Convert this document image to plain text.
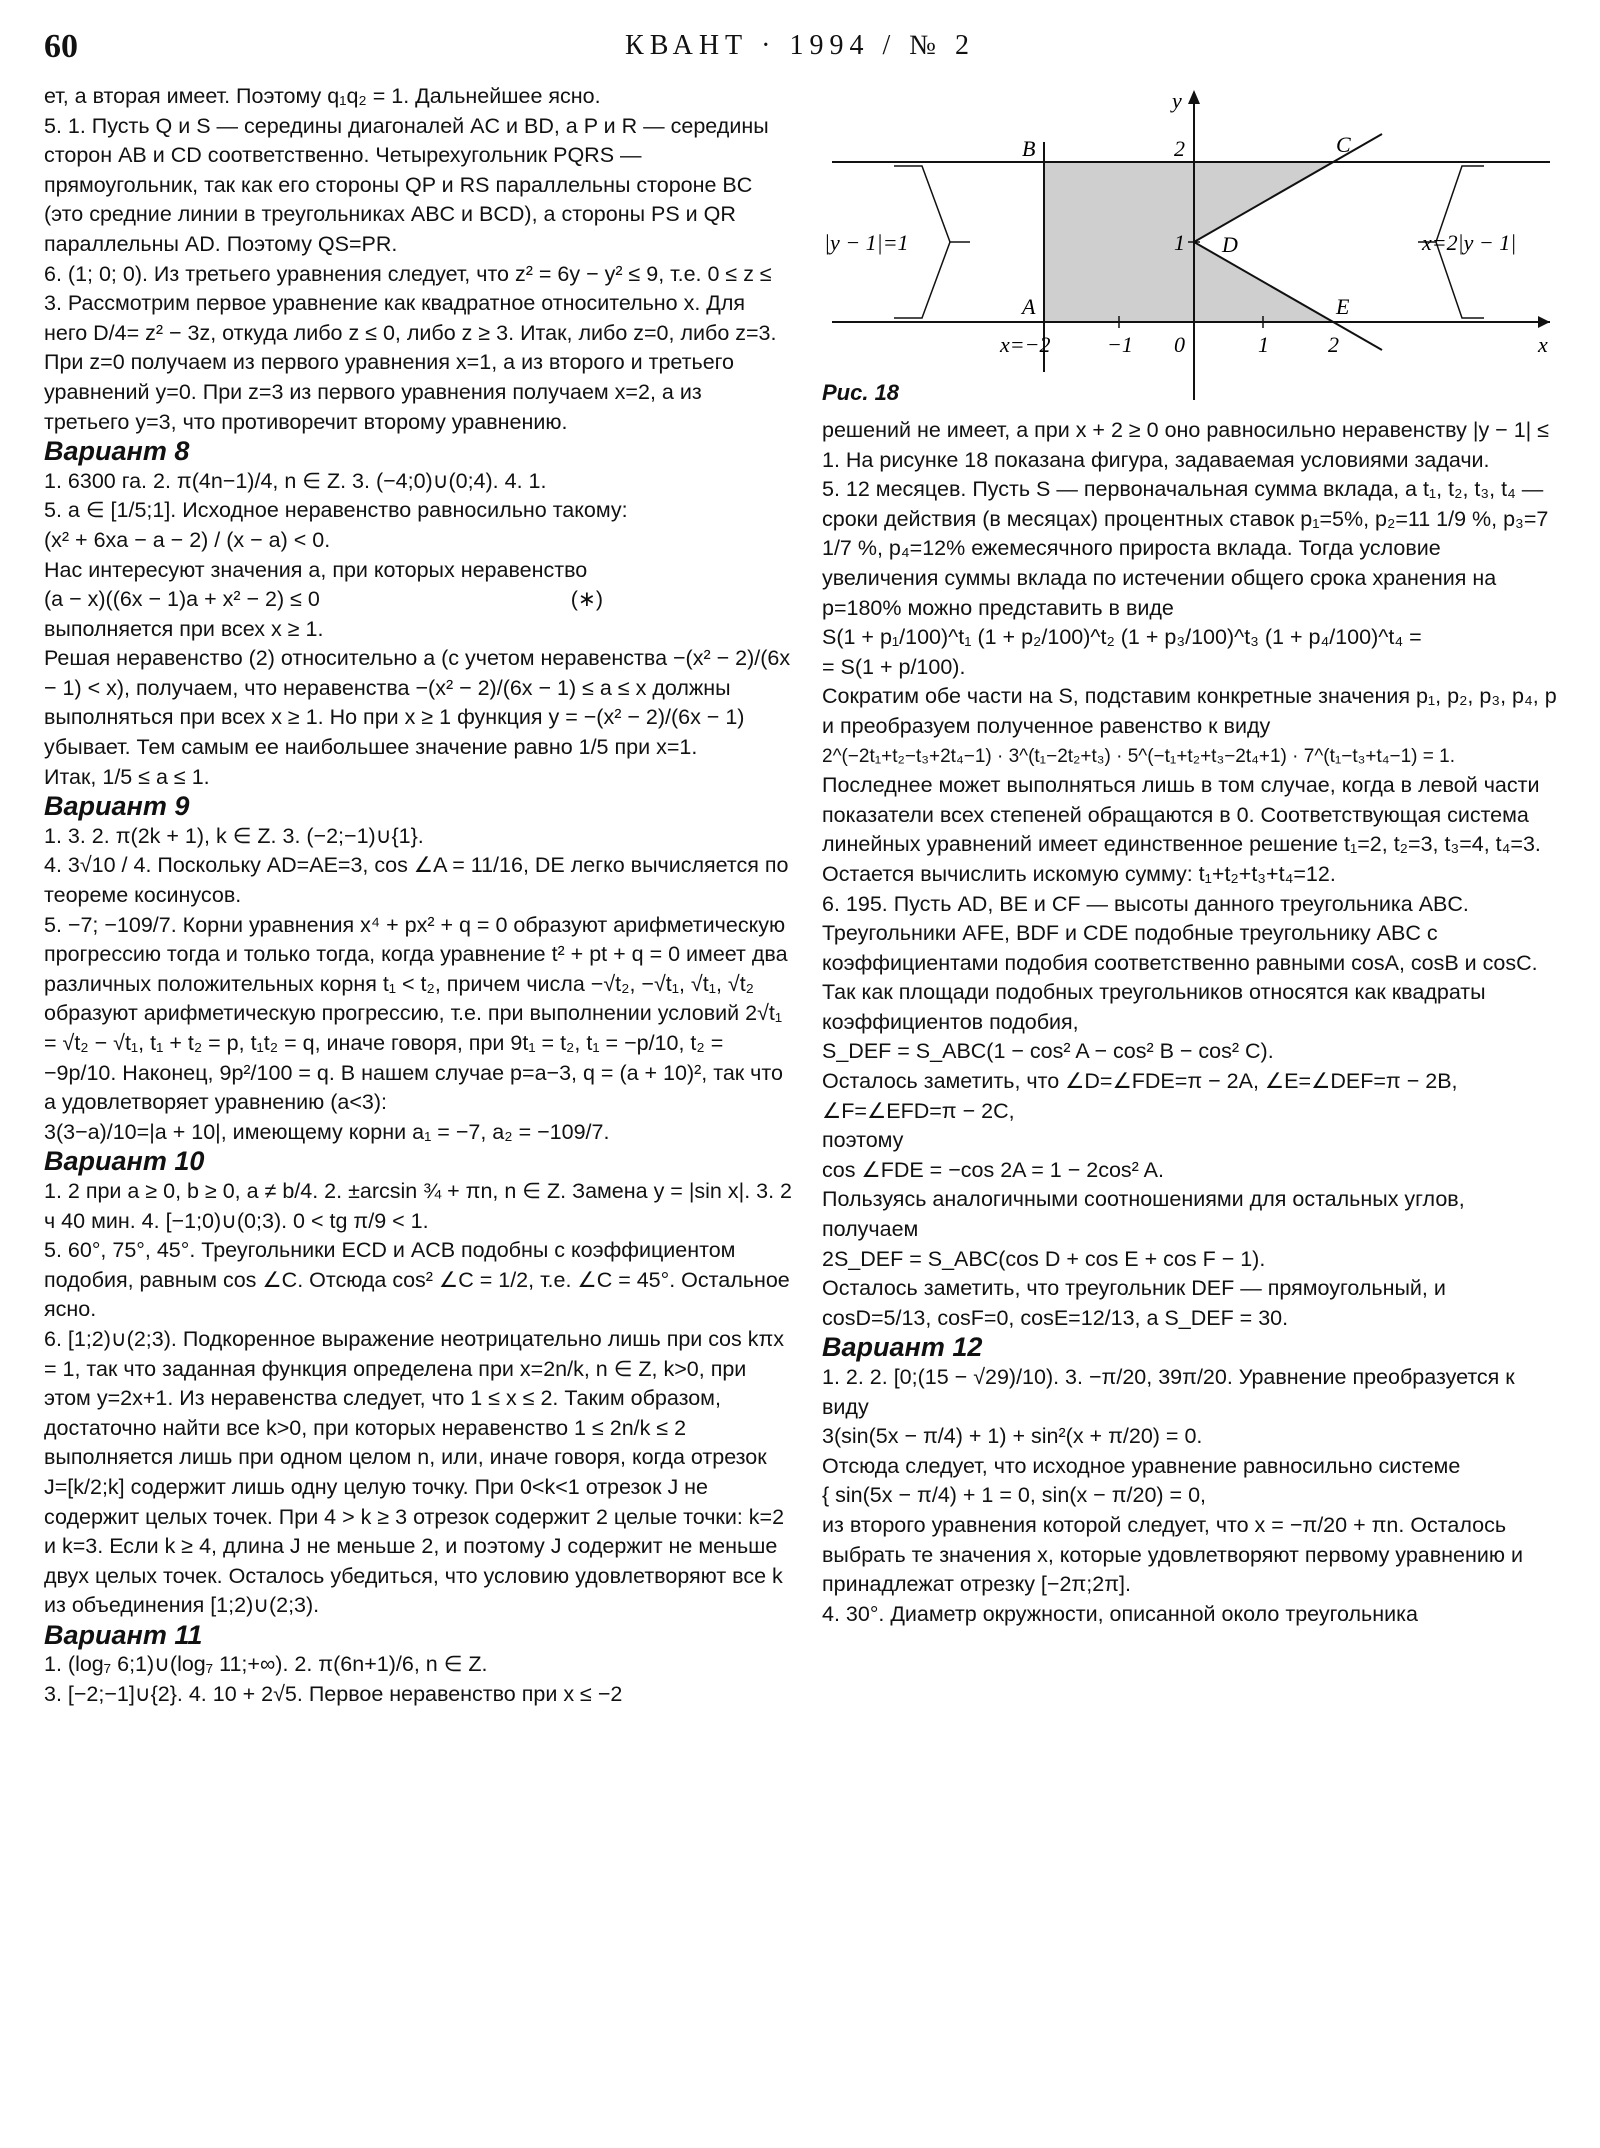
60	КВАНТ · 1994 / № 2

ет, а вторая имеет. Поэтому q₁q₂ = 1. Дальнейшее ясно.

5. 1. Пусть Q и S — середины диагоналей AC и BD, a P и R — середины сторон AB и CD соответственно. Четырехугольник PQRS — прямоугольник, так как его стороны QP и RS параллельны стороне BC (это средние линии в треугольниках ABC и BCD), а стороны PS и QR параллельны AD. Поэтому QS=PR.

6. (1; 0; 0). Из третьего уравнения следует, что z² = 6y − y² ≤ 9, т.е. 0 ≤ z ≤ 3. Рассмотрим первое уравнение как квадратное относительно x. Для него D/4= z² − 3z, откуда либо z ≤ 0, либо z ≥ 3. Итак, либо z=0, либо z=3. При z=0 получаем из первого уравнения x=1, а из второго и третьего уравнений y=0. При z=3 из первого уравнения получаем x=2, а из третьего y=3, что противоречит второму уравнению.

Вариант 8

1. 6300 га. 2. π(4n−1)/4, n ∈ Z. 3. (−4;0)∪(0;4). 4. 1.

5. a ∈ [1/5;1]. Исходное неравенство равносильно такому:

(x² + 6xa − a − 2) / (x − a) < 0.

Нас интересуют значения a, при которых неравенство

(a − x)((6x − 1)a + x² − 2) ≤ 0                                          (∗)

выполняется при всех x ≥ 1.

Решая неравенство (2) относительно a (с учетом неравенства −(x² − 2)/(6x − 1) < x), получаем, что неравенства −(x² − 2)/(6x − 1) ≤ a ≤ x должны выполняться при всех x ≥ 1. Но при x ≥ 1 функция y = −(x² − 2)/(6x − 1) убывает. Тем самым ее наибольшее значение равно 1/5 при x=1.

Итак, 1/5 ≤ a ≤ 1.

Вариант 9

1. 3. 2. π(2k + 1), k ∈ Z. 3. (−2;−1)∪{1}.

4. 3√10 / 4. Поскольку AD=AE=3, cos ∠A = 11/16, DE легко вычисляется по теореме косинусов.

5. −7; −109/7. Корни уравнения x⁴ + px² + q = 0 образуют арифметическую прогрессию тогда и только тогда, когда уравнение t² + pt + q = 0 имеет два различных положительных корня t₁ < t₂, причем числа −√t₂, −√t₁, √t₁, √t₂ образуют арифметическую прогрессию, т.е. при выполнении условий 2√t₁ = √t₂ − √t₁, t₁ + t₂ = p, t₁t₂ = q, иначе говоря, при 9t₁ = t₂, t₁ = −p/10, t₂ = −9p/10. Наконец, 9p²/100 = q. В нашем случае p=a−3, q = (a + 10)², так что a удовлетворяет уравнению (a<3):

3(3−a)/10=|a + 10|, имеющему корни a₁ = −7, a₂ = −109/7.

Вариант 10

1. 2 при a ≥ 0, b ≥ 0, a ≠ b/4. 2. ±arcsin ¾ + πn, n ∈ Z. Замена y = |sin x|. 3. 2 ч 40 мин. 4. [−1;0)∪(0;3). 0 < tg π/9 < 1.

5. 60°, 75°, 45°. Треугольники ECD и ACB подобны с коэффициентом подобия, равным cos ∠C. Отсюда cos² ∠C = 1/2, т.е. ∠C = 45°. Остальное ясно.

6. [1;2)∪(2;3). Подкоренное выражение неотрицательно лишь при cos kπx = 1, так что заданная функция определена при x=2n/k, n ∈ Z, k>0, при этом y=2x+1. Из неравенства следует, что 1 ≤ x ≤ 2. Таким образом, достаточно найти все k>0, при которых неравенство 1 ≤ 2n/k ≤ 2 выполняется лишь при одном целом n, или, иначе говоря, когда отрезок J=[k/2;k] содержит лишь одну целую точку. При 0<k<1 отрезок J не содержит целых точек. При 4 > k ≥ 3 отрезок содержит 2 целые точки: k=2 и k=3. Если k ≥ 4, длина J не меньше 2, и поэтому J содержит не меньше двух целых точек. Осталось убедиться, что условию удовлетворяют все k из объединения [1;2)∪(2;3).

Вариант 11

1. (log₇ 6;1)∪(log₇ 11;+∞). 2. π(6n+1)/6, n ∈ Z.

3. [−2;−1]∪{2}. 4. 10 + 2√5. Первое неравенство при x ≤ −2

y
B	2	C
1 D
A	E
x=−2	−1 0	1	2	x
|y − 1|=1	x=2|y − 1|
Рис. 18

решений не имеет, а при x + 2 ≥ 0 оно равносильно неравенству |y − 1| ≤ 1. На рисунке 18 показана фигура, задаваемая условиями задачи.

5. 12 месяцев. Пусть S — первоначальная сумма вклада, а t₁, t₂, t₃, t₄ — сроки действия (в месяцах) процентных ставок p₁=5%, p₂=11 1/9 %, p₃=7 1/7 %, p₄=12% ежемесячного прироста вклада. Тогда условие увеличения суммы вклада по истечении общего срока хранения на p=180% можно представить в виде

S(1 + p₁/100)^t₁ (1 + p₂/100)^t₂ (1 + p₃/100)^t₃ (1 + p₄/100)^t₄ =

= S(1 + p/100).

Сократим обе части на S, подставим конкретные значения p₁, p₂, p₃, p₄, p и преобразуем полученное равенство к виду

2^(−2t₁+t₂−t₃+2t₄−1) · 3^(t₁−2t₂+t₃) · 5^(−t₁+t₂+t₃−2t₄+1) · 7^(t₁−t₃+t₄−1) = 1.

Последнее может выполняться лишь в том случае, когда в левой части показатели всех степеней обращаются в 0. Соответствующая система линейных уравнений имеет единственное решение t₁=2, t₂=3, t₃=4, t₄=3. Остается вычислить искомую сумму: t₁+t₂+t₃+t₄=12.

6. 195. Пусть AD, BE и CF — высоты данного треугольника ABC. Треугольники AFE, BDF и CDE подобные треугольнику ABC с коэффициентами подобия соответственно равными cosA, cosB и cosC. Так как площади подобных треугольников относятся как квадраты коэффициентов подобия,

S_DEF = S_ABC(1 − cos² A − cos² B − cos² C).

Осталось заметить, что ∠D=∠FDE=π − 2A, ∠E=∠DEF=π − 2B, ∠F=∠EFD=π − 2C,

поэтому

cos ∠FDE = −cos 2A = 1 − 2cos² A.

Пользуясь аналогичными соотношениями для остальных углов, получаем

2S_DEF = S_ABC(cos D + cos E + cos F − 1).

Осталось заметить, что треугольник DEF — прямоугольный, и cosD=5/13, cosF=0, cosE=12/13, а S_DEF = 30.

Вариант 12

1. 2. 2. [0;(15 − √29)/10). 3. −π/20, 39π/20. Уравнение преобразуется к виду

3(sin(5x − π/4) + 1) + sin²(x + π/20) = 0.

Отсюда следует, что исходное уравнение равносильно системе

{ sin(5x − π/4) + 1 = 0, sin(x − π/20) = 0,

из второго уравнения которой следует, что x = −π/20 + πn. Осталось выбрать те значения x, которые удовлетворяют первому уравнению и принадлежат отрезку [−2π;2π].

4. 30°. Диаметр окружности, описанной около треугольника
